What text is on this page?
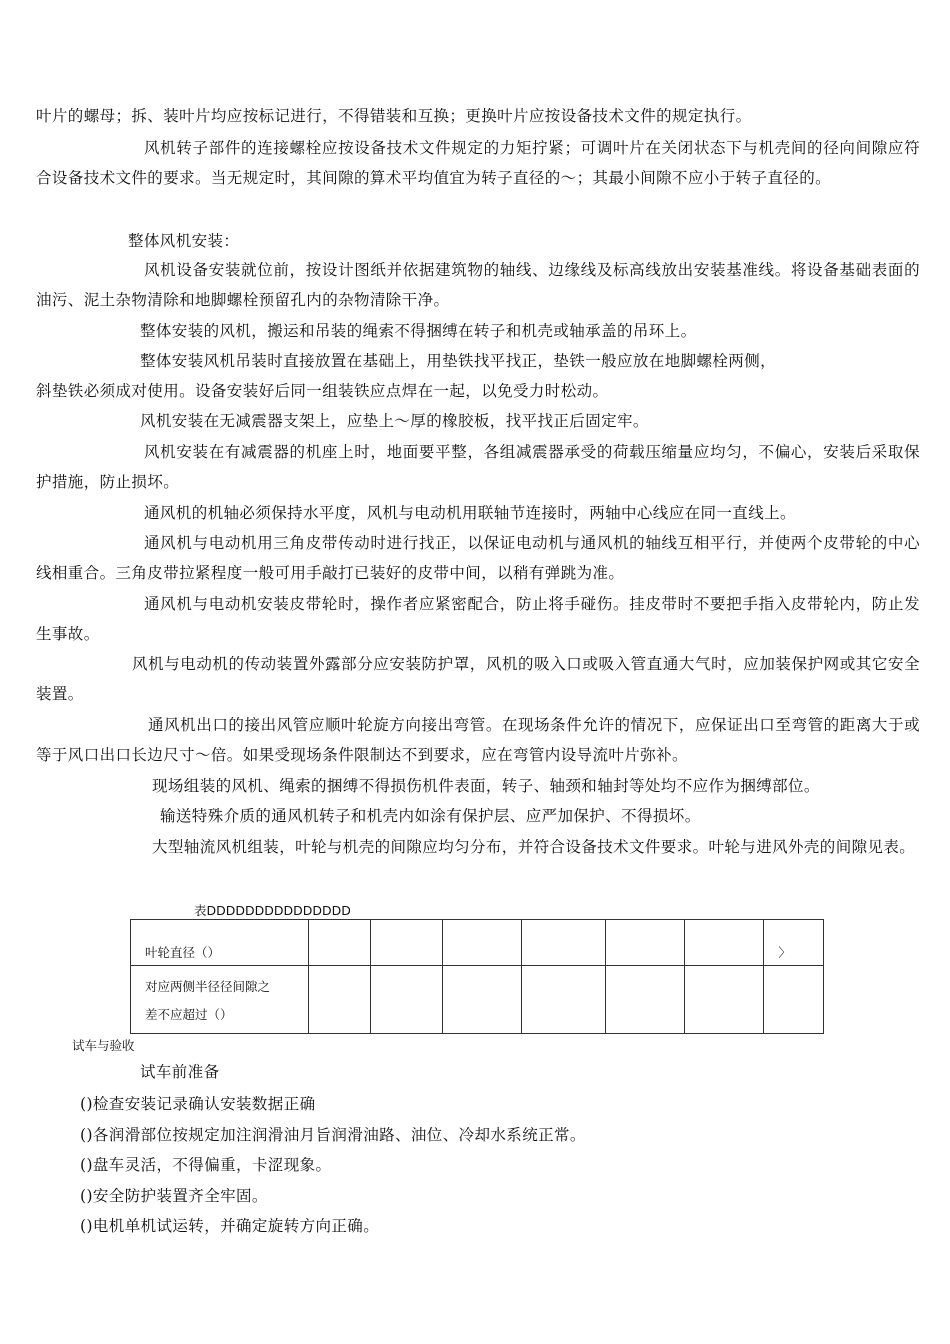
叶片的螺母；拆、装叶片均应按标记进行，不得错装和互换；更换叶片应按设备技术文件的规定执行。

风机转子部件的连接螺栓应按设备技术文件规定的力矩拧紧；可调叶片在关闭状态下与机壳间的径向间隙应符合设备技术文件的要求。当无规定时，其间隙的算术平均值宜为转子直径的～；其最小间隙不应小于转子直径的。

整体风机安装：

风机设备安装就位前，按设计图纸并依据建筑物的轴线、边缘线及标高线放出安装基准线。将设备基础表面的油污、泥土杂物清除和地脚螺栓预留孔内的杂物清除干净。

整体安装的风机，搬运和吊装的绳索不得捆缚在转子和机壳或轴承盖的吊环上。

整体安装风机吊装时直接放置在基础上，用垫铁找平找正，垫铁一般应放在地脚螺栓两侧，

斜垫铁必须成对使用。设备安装好后同一组装铁应点焊在一起，以免受力时松动。

风机安装在无减震器支架上，应垫上～厚的橡胶板，找平找正后固定牢。

风机安装在有减震器的机座上时，地面要平整，各组减震器承受的荷载压缩量应均匀，不偏心，安装后采取保护措施，防止损坏。

通风机的机轴必须保持水平度，风机与电动机用联轴节连接时，两轴中心线应在同一直线上。

通风机与电动机用三角皮带传动时进行找正，以保证电动机与通风机的轴线互相平行，并使两个皮带轮的中心线相重合。三角皮带拉紧程度一般可用手敲打已装好的皮带中间，以稍有弹跳为准。

通风机与电动机安装皮带轮时，操作者应紧密配合，防止将手碰伤。挂皮带时不要把手指入皮带轮内，防止发生事故。

风机与电动机的传动装置外露部分应安装防护罩，风机的吸入口或吸入管直通大气时，应加装保护网或其它安全装置。

通风机出口的接出风管应顺叶轮旋方向接出弯管。在现场条件允许的情况下，应保证出口至弯管的距离大于或等于风口出口长边尺寸～倍。如果受现场条件限制达不到要求，应在弯管内设导流叶片弥补。

现场组装的风机、绳索的捆缚不得损伤机件表面，转子、轴颈和轴封等处均不应作为捆缚部位。

输送特殊介质的通风机转子和机壳内如涂有保护层、应严加保护、不得损坏。

大型轴流风机组装，叶轮与机壳的间隙应均匀分布，并符合设备技术文件要求。叶轮与进风外壳的间隙见表。

表DDDDDDDDDDDDDDD
叶轮直径（）							〉

对应两侧半径径间隙之
差不应超过（）							

试车与验收
试车前准备
()检查安装记录确认安装数据正确
()各润滑部位按规定加注润滑油月旨润滑油路、油位、冷却水系统正常。
()盘车灵活，不得偏重，卡涩现象。
()安全防护装置齐全牢固。
()电机单机试运转，并确定旋转方向正确。
